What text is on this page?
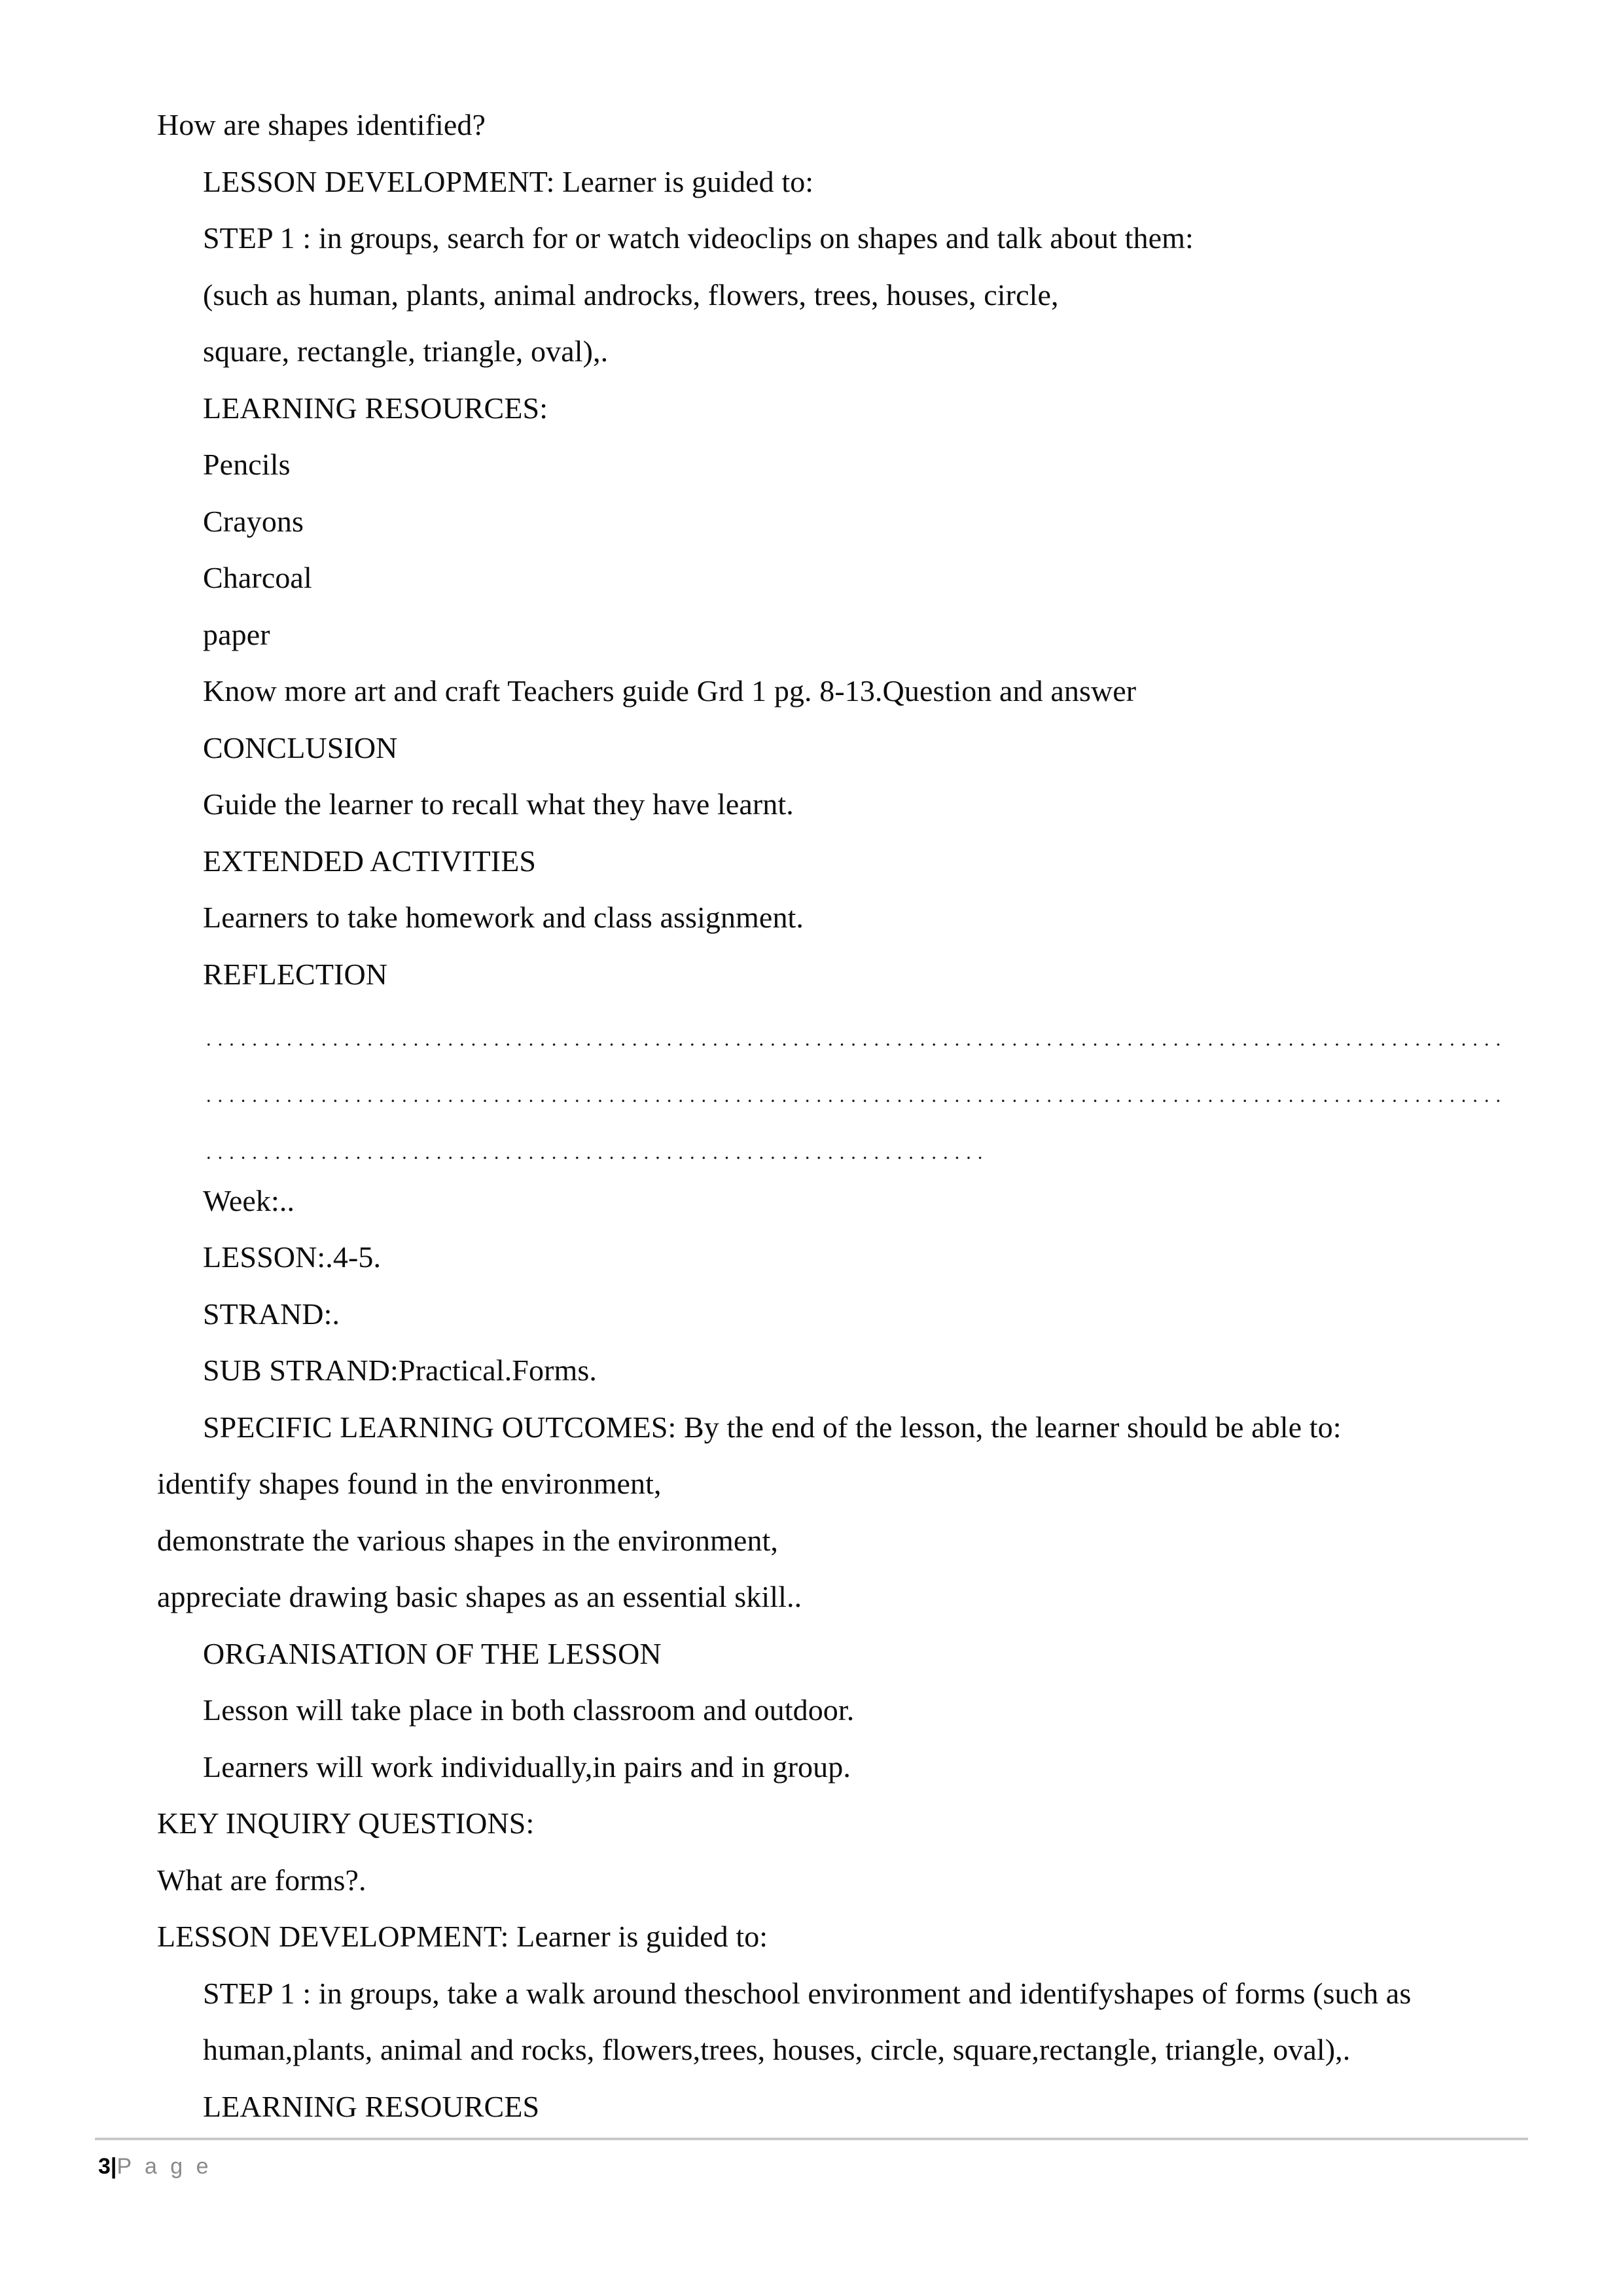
How are shapes identified?
LESSON DEVELOPMENT: Learner is guided to:
STEP 1 : in groups, search for or watch videoclips on shapes and talk about them:
(such as human, plants, animal androcks, flowers, trees, houses, circle,
square, rectangle, triangle, oval),.
LEARNING RESOURCES:
Pencils
Crayons
Charcoal
paper
Know more art and craft Teachers guide Grd 1 pg. 8-13.Question and answer
CONCLUSION
Guide the learner to recall what they have learnt.
EXTENDED ACTIVITIES
Learners to take homework and class assignment.
REFLECTION
Week:..
LESSON:.4-5.
STRAND:.
SUB STRAND:Practical.Forms.
SPECIFIC LEARNING OUTCOMES: By the end of the lesson, the learner should be able to:
identify shapes found in the environment,
demonstrate the various shapes in the environment,
appreciate drawing basic shapes as an essential skill..
ORGANISATION OF THE LESSON
Lesson will take place in both classroom and outdoor.
Learners will work individually,in pairs and in group.
KEY INQUIRY QUESTIONS:
What are forms?.
LESSON DEVELOPMENT: Learner is guided to:
STEP 1 : in groups, take a walk around theschool environment and identifyshapes of forms (such as
human,plants, animal and rocks, flowers,trees, houses, circle, square,rectangle, triangle, oval),.
LEARNING RESOURCES
3|P a g e
